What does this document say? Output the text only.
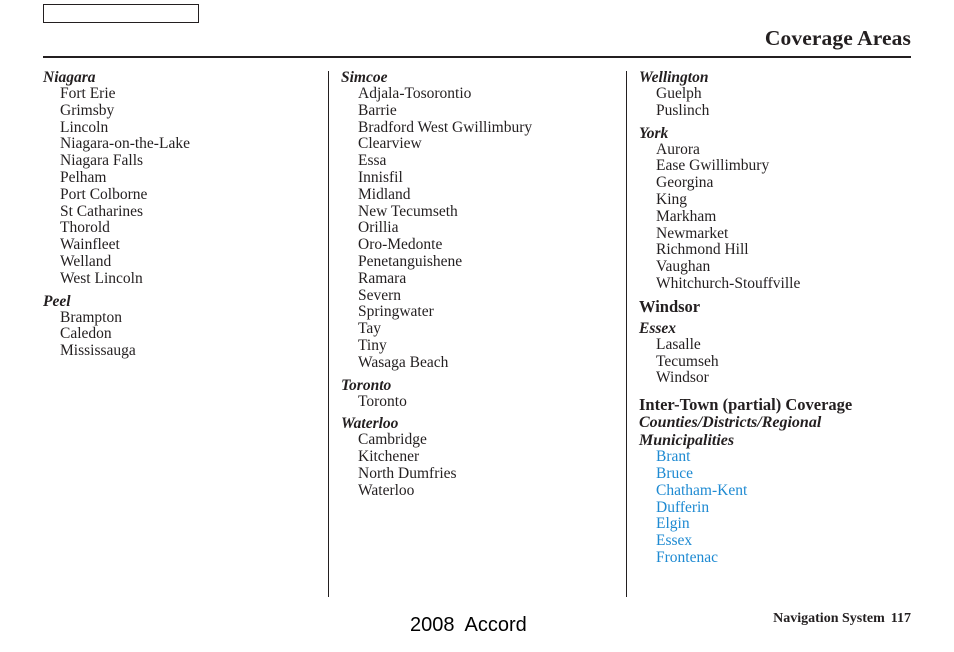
Coverage Areas
Niagara
Fort Erie
Grimsby
Lincoln
Niagara-on-the-Lake
Niagara Falls
Pelham
Port Colborne
St Catharines
Thorold
Wainfleet
Welland
West Lincoln
Peel
Brampton
Caledon
Mississauga
Simcoe
Adjala-Tosorontio
Barrie
Bradford West Gwillimbury
Clearview
Essa
Innisfil
Midland
New Tecumseth
Orillia
Oro-Medonte
Penetanguishene
Ramara
Severn
Springwater
Tay
Tiny
Wasaga Beach
Toronto
Toronto
Waterloo
Cambridge
Kitchener
North Dumfries
Waterloo
Wellington
Guelph
Puslinch
York
Aurora
Ease Gwillimbury
Georgina
King
Markham
Newmarket
Richmond Hill
Vaughan
Whitchurch-Stouffville
Windsor
Essex
Lasalle
Tecumseh
Windsor
Inter-Town (partial) Coverage
Counties/Districts/Regional
Municipalities
Brant
Bruce
Chatham-Kent
Dufferin
Elgin
Essex
Frontenac
2008  Accord	Navigation System 117
